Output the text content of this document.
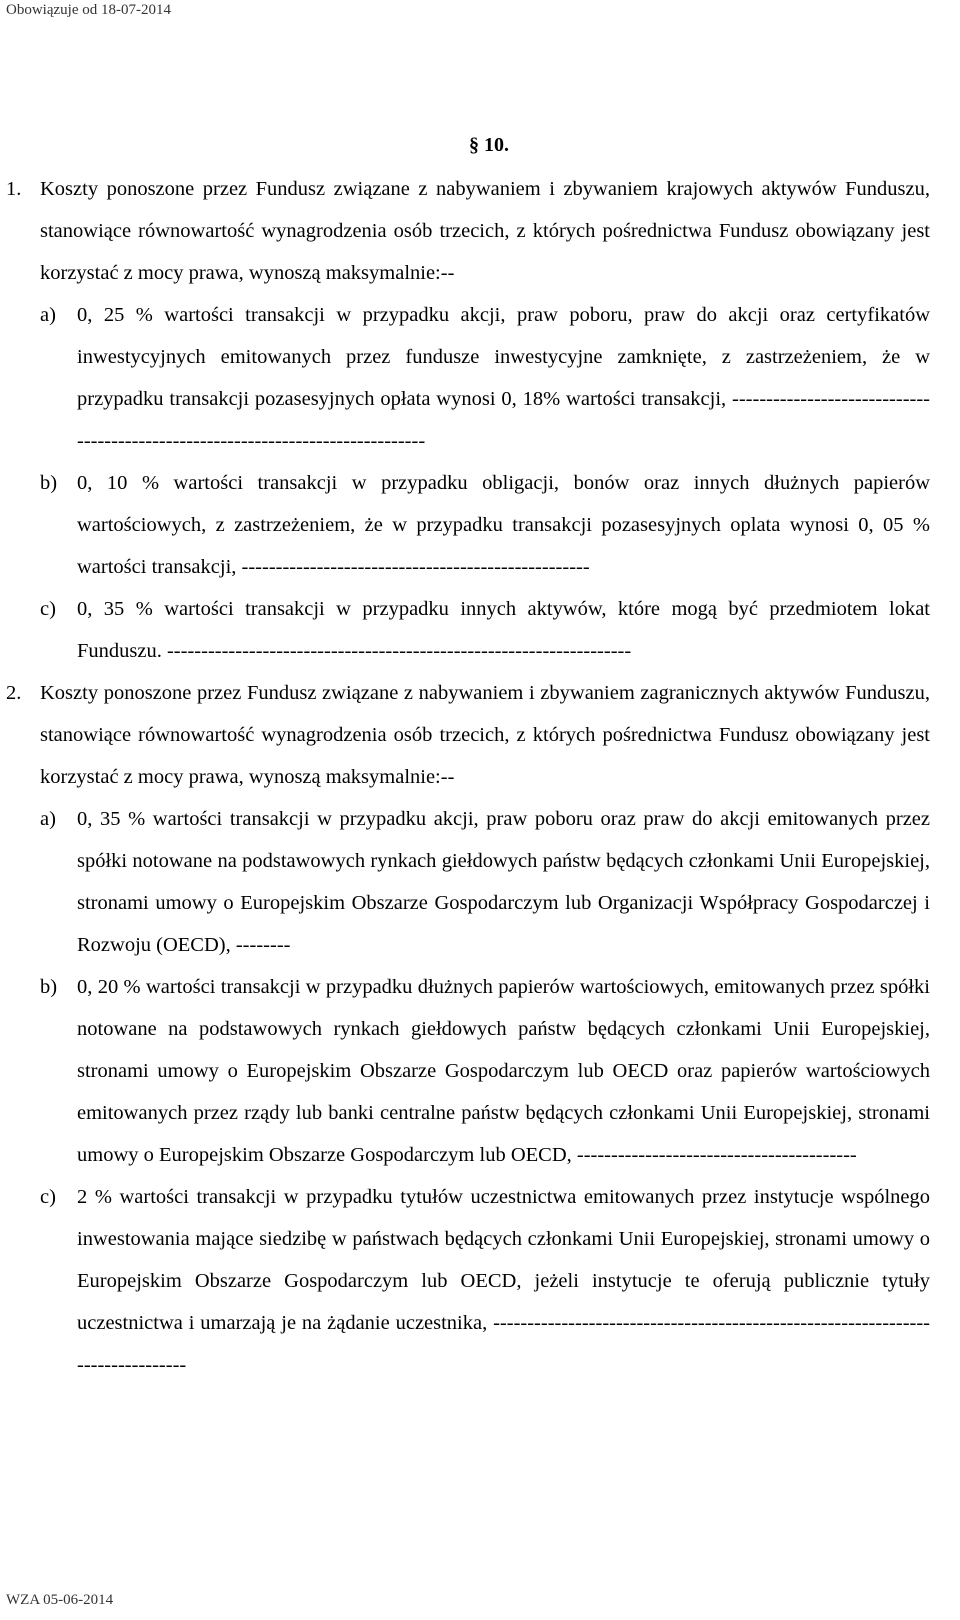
Obowiązuje od 18-07-2014
§ 10.
1. Koszty ponoszone przez Fundusz związane z nabywaniem i zbywaniem krajowych aktywów Funduszu, stanowiące równowartość wynagrodzenia osób trzecich, z których pośrednictwa Fundusz obowiązany jest korzystać z mocy prawa, wynoszą maksymalnie:--
a) 0, 25 % wartości transakcji w przypadku akcji, praw poboru, praw do akcji oraz certyfikatów inwestycyjnych emitowanych przez fundusze inwestycyjne zamknięte, z zastrzeżeniem, że w przypadku transakcji pozasesyjnych opłata wynosi 0, 18% wartości transakcji, --------------------------------------------------------------------------------
b) 0, 10 % wartości transakcji w przypadku obligacji, bonów oraz innych dłużnych papierów wartościowych, z zastrzeżeniem, że w przypadku transakcji pozasesyjnych oplata wynosi 0, 05 % wartości transakcji, ---------------------------------------------------
c) 0, 35 % wartości transakcji w przypadku innych aktywów, które mogą być przedmiotem lokat Funduszu. --------------------------------------------------------------------
2. Koszty ponoszone przez Fundusz związane z nabywaniem i zbywaniem zagranicznych aktywów Funduszu, stanowiące równowartość wynagrodzenia osób trzecich, z których pośrednictwa Fundusz obowiązany jest korzystać z mocy prawa, wynoszą maksymalnie:--
a) 0, 35 % wartości transakcji w przypadku akcji, praw poboru oraz praw do akcji emitowanych przez spółki notowane na podstawowych rynkach giełdowych państw będących członkami Unii Europejskiej, stronami umowy o Europejskim Obszarze Gospodarczym lub Organizacji Współpracy Gospodarczej i Rozwoju (OECD), --------
b) 0, 20 % wartości transakcji w przypadku dłużnych papierów wartościowych, emitowanych przez spółki notowane na podstawowych rynkach giełdowych państw będących członkami Unii Europejskiej, stronami umowy o Europejskim Obszarze Gospodarczym lub OECD oraz papierów wartościowych emitowanych przez rządy lub banki centralne państw będących członkami Unii Europejskiej, stronami umowy o Europejskim Obszarze Gospodarczym lub OECD, -----------------------------------------
c) 2 % wartości transakcji w przypadku tytułów uczestnictwa emitowanych przez instytucje wspólnego inwestowania mające siedzibę w państwach będących członkami Unii Europejskiej, stronami umowy o Europejskim Obszarze Gospodarczym lub OECD, jeżeli instytucje te oferują publicznie tytuły uczestnictwa i umarzają je na żądanie uczestnika, --------------------------------------------------------------------------------
WZA 05-06-2014
